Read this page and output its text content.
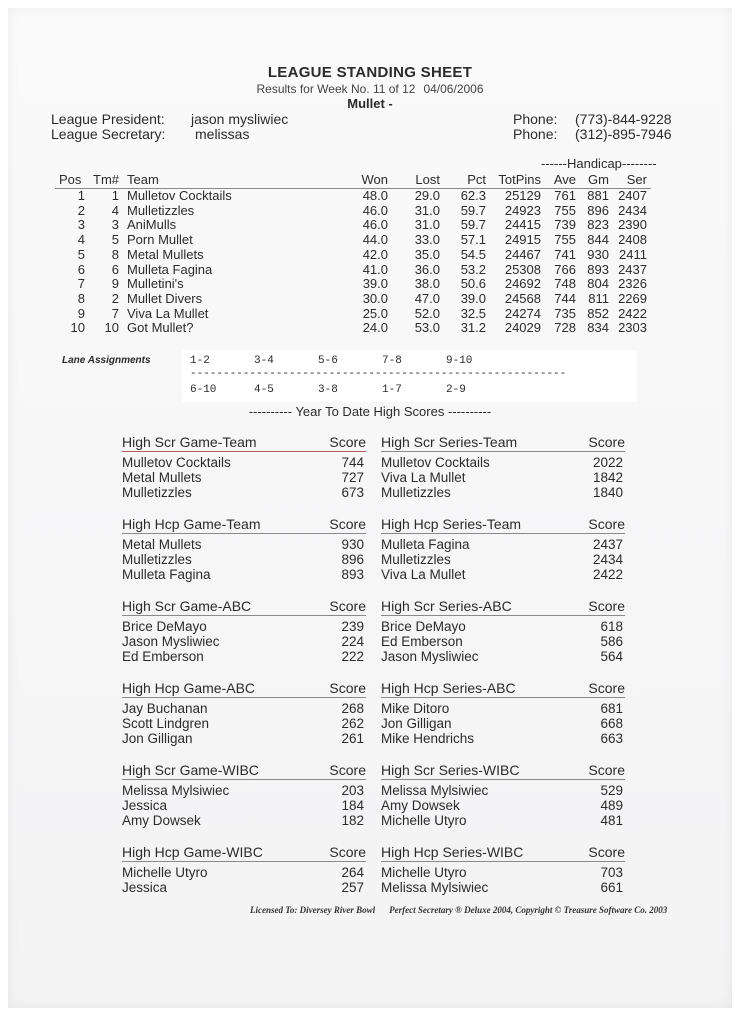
LEAGUE STANDING SHEET
Results for Week No. 11 of 12 04/06/2006
Mullet -
League President: jason mysliwiec
League Secretary: melissas
Phone: (773)-844-9228
Phone: (312)-895-7946
------Handicap--------
Pos	Tm#	Team	Won	Lost	Pct	TotPins	Ave	Gm	Ser
1	1	Mulletov Cocktails	48.0	29.0	62.3	25129	761	881	2407
2	4	Mulletizzles	46.0	31.0	59.7	24923	755	896	2434
3	3	AniMulls	46.0	31.0	59.7	24415	739	823	2390
4	5	Porn Mullet	44.0	33.0	57.1	24915	755	844	2408
5	8	Metal Mullets	42.0	35.0	54.5	24467	741	930	2411
6	6	Mulleta Fagina	41.0	36.0	53.2	25308	766	893	2437
7	9	Mulletini's	39.0	38.0	50.6	24692	748	804	2326
8	2	Mullet Divers	30.0	47.0	39.0	24568	744	811	2269
9	7	Viva La Mullet	25.0	52.0	32.5	24274	735	852	2422
10	10	Got Mullet?	24.0	53.0	31.2	24029	728	834	2303
Lane Assignments	1-2	3-4	5-6	7-8	9-10
---------------------------------------------------------
6-10	4-5	3-8	1-7	2-9
---------- Year To Date High Scores ----------
High Scr Game-Team	Score
Mulletov Cocktails	744
Metal Mullets	727
Mulletizzles	673
High Scr Series-Team	Score
Mulletov Cocktails	2022
Viva La Mullet	1842
Mulletizzles	1840
High Hcp Game-Team	Score
Metal Mullets	930
Mulletizzles	896
Mulleta Fagina	893
High Hcp Series-Team	Score
Mulleta Fagina	2437
Mulletizzles	2434
Viva La Mullet	2422
High Scr Game-ABC	Score
Brice DeMayo	239
Jason Mysliwiec	224
Ed Emberson	222
High Scr Series-ABC	Score
Brice DeMayo	618
Ed Emberson	586
Jason Mysliwiec	564
High Hcp Game-ABC	Score
Jay Buchanan	268
Scott Lindgren	262
Jon Gilligan	261
High Hcp Series-ABC	Score
Mike Ditoro	681
Jon Gilligan	668
Mike Hendrichs	663
High Scr Game-WIBC	Score
Melissa Mylsiwiec	203
Jessica	184
Amy Dowsek	182
High Scr Series-WIBC	Score
Melissa Mylsiwiec	529
Amy Dowsek	489
Michelle Utyro	481
High Hcp Game-WIBC	Score
Michelle Utyro	264
Jessica	257
High Hcp Series-WIBC	Score
Michelle Utyro	703
Melissa Mylsiwiec	661
Licensed To: Diversey River Bowl Perfect Secretary ® Deluxe 2004, Copyright © Treasure Software Co. 2003
